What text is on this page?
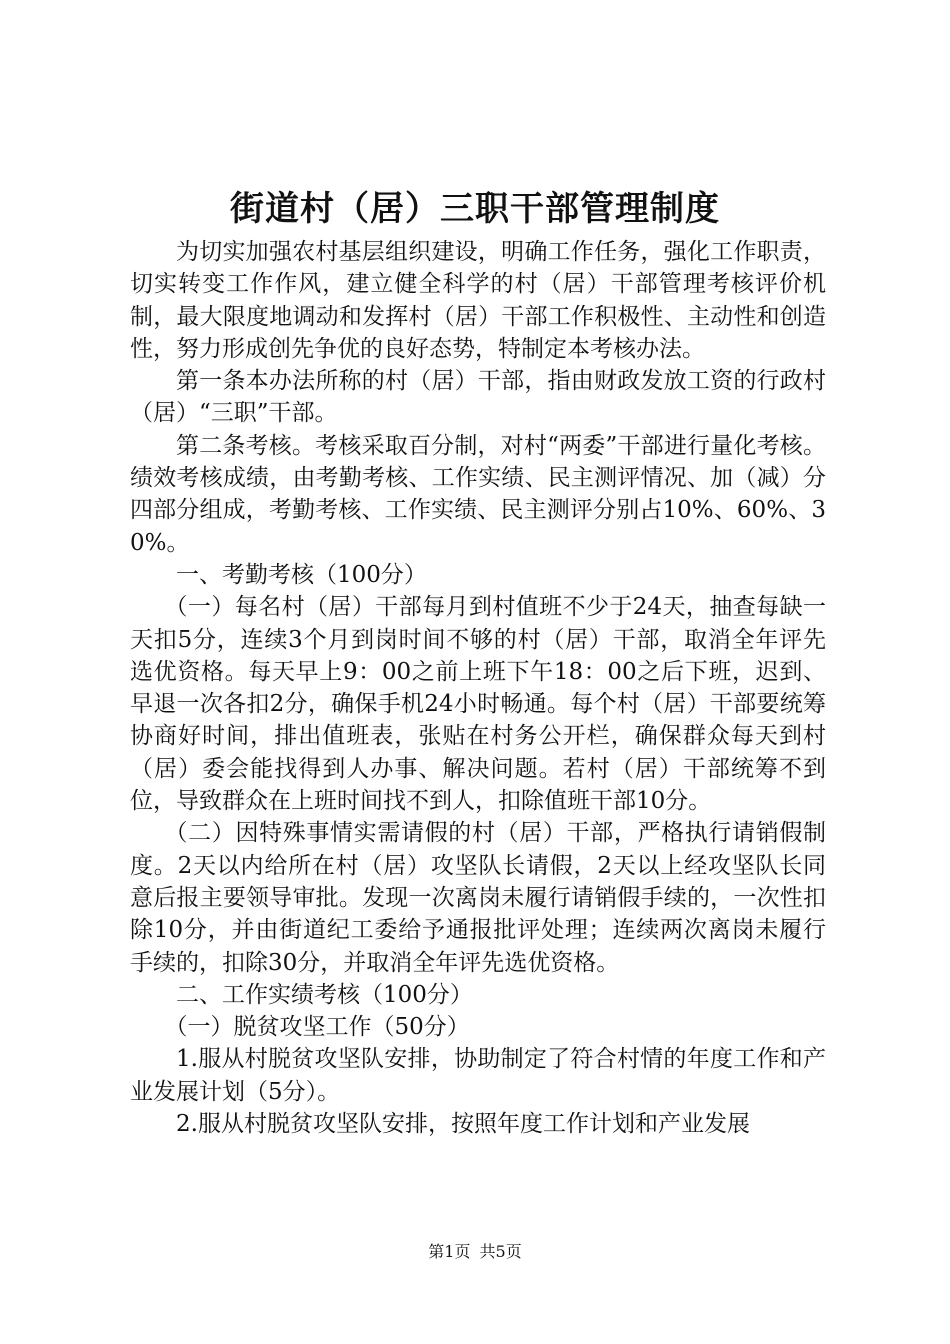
街道村（居）三职干部管理制度

为切实加强农村基层组织建设，明确工作任务，强化工作职责，切实转变工作作风，建立健全科学的村（居）干部管理考核评价机制，最大限度地调动和发挥村（居）干部工作积极性、主动性和创造性，努力形成创先争优的良好态势，特制定本考核办法。

第一条本办法所称的村（居）干部，指由财政发放工资的行政村（居）“三职”干部。

第二条考核。考核采取百分制，对村“两委”干部进行量化考核。绩效考核成绩，由考勤考核、工作实绩、民主测评情况、加（减）分四部分组成，考勤考核、工作实绩、民主测评分别占10%、60%、30%。

一、考勤考核（100分）

（一）每名村（居）干部每月到村值班不少于24天，抽查每缺一天扣5分，连续3个月到岗时间不够的村（居）干部，取消全年评先选优资格。每天早上9：00之前上班下午18：00之后下班，迟到、早退一次各扣2分，确保手机24小时畅通。每个村（居）干部要统筹协商好时间，排出值班表，张贴在村务公开栏，确保群众每天到村（居）委会能找得到人办事、解决问题。若村（居）干部统筹不到位，导致群众在上班时间找不到人，扣除值班干部10分。

（二）因特殊事情实需请假的村（居）干部，严格执行请销假制度。2天以内给所在村（居）攻坚队长请假，2天以上经攻坚队长同意后报主要领导审批。发现一次离岗未履行请销假手续的，一次性扣除10分，并由街道纪工委给予通报批评处理；连续两次离岗未履行手续的，扣除30分，并取消全年评先选优资格。

二、工作实绩考核（100分）

（一）脱贫攻坚工作（50分）

1.服从村脱贫攻坚队安排，协助制定了符合村情的年度工作和产业发展计划（5分）。

2.服从村脱贫攻坚队安排，按照年度工作计划和产业发展

第1页 共5页
